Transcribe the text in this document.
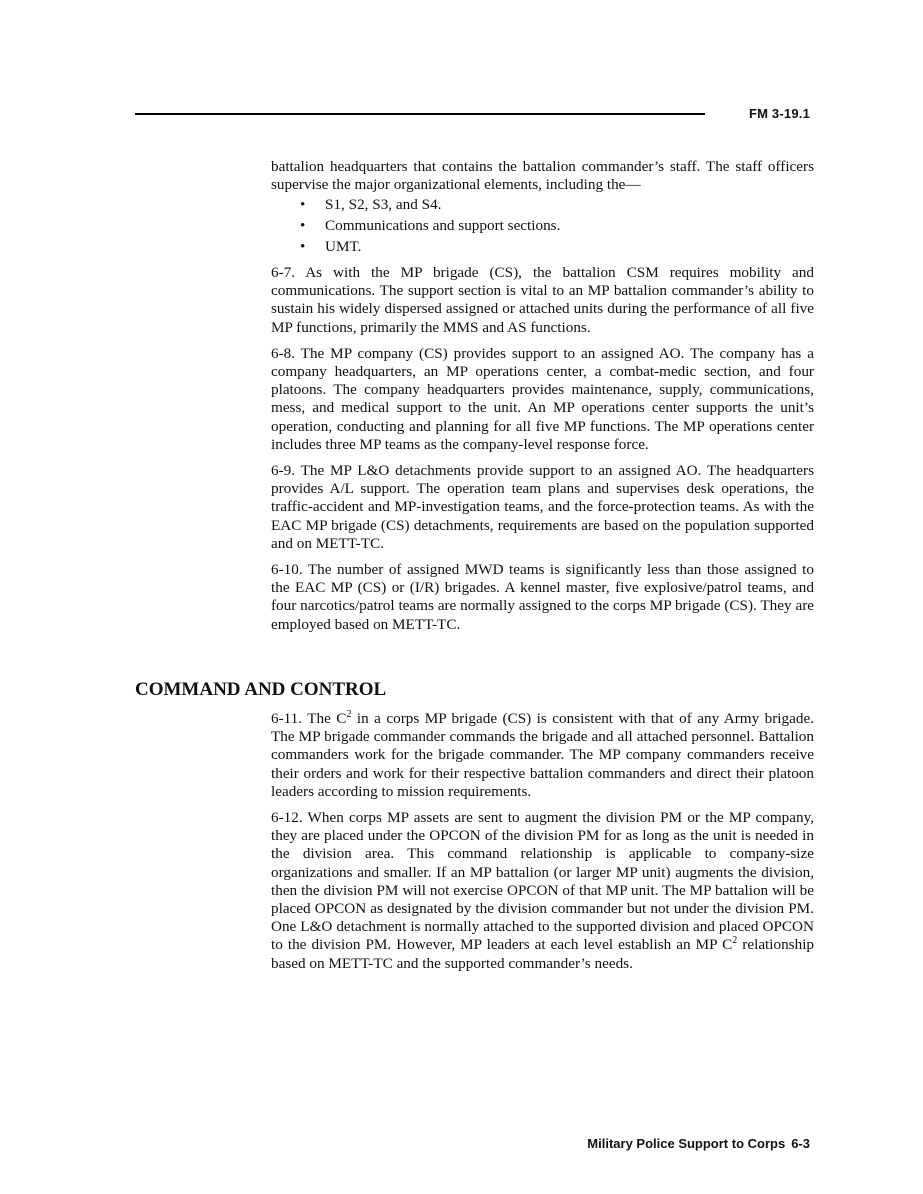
FM 3-19.1

battalion headquarters that contains the battalion commander’s staff. The staff officers supervise the major organizational elements, including the—

• S1, S2, S3, and S4.
• Communications and support sections.
• UMT.

6-7. As with the MP brigade (CS), the battalion CSM requires mobility and communications. The support section is vital to an MP battalion commander’s ability to sustain his widely dispersed assigned or attached units during the performance of all five MP functions, primarily the MMS and AS functions.

6-8. The MP company (CS) provides support to an assigned AO. The company has a company headquarters, an MP operations center, a combat-medic section, and four platoons. The company headquarters provides maintenance, supply, communications, mess, and medical support to the unit. An MP operations center supports the unit’s operation, conducting and planning for all five MP functions. The MP operations center includes three MP teams as the company-level response force.

6-9. The MP L&O detachments provide support to an assigned AO. The headquarters provides A/L support. The operation team plans and supervises desk operations, the traffic-accident and MP-investigation teams, and the force-protection teams. As with the EAC MP brigade (CS) detachments, requirements are based on the population supported and on METT-TC.

6-10. The number of assigned MWD teams is significantly less than those assigned to the EAC MP (CS) or (I/R) brigades. A kennel master, five explosive/patrol teams, and four narcotics/patrol teams are normally assigned to the corps MP brigade (CS). They are employed based on METT-TC.

COMMAND AND CONTROL

6-11. The $C^2$ in a corps MP brigade (CS) is consistent with that of any Army brigade. The MP brigade commander commands the brigade and all attached personnel. Battalion commanders work for the brigade commander. The MP company commanders receive their orders and work for their respective battalion commanders and direct their platoon leaders according to mission requirements.

6-12. When corps MP assets are sent to augment the division PM or the MP company, they are placed under the OPCON of the division PM for as long as the unit is needed in the division area. This command relationship is applicable to company-size organizations and smaller. If an MP battalion (or larger MP unit) augments the division, then the division PM will not exercise OPCON of that MP unit. The MP battalion will be placed OPCON as designated by the division commander but not under the division PM. One L&O detachment is normally attached to the supported division and placed OPCON to the division PM. However, MP leaders at each level establish an MP $C^2$ relationship based on METT-TC and the supported commander’s needs.

Military Police Support to Corps 6-3
